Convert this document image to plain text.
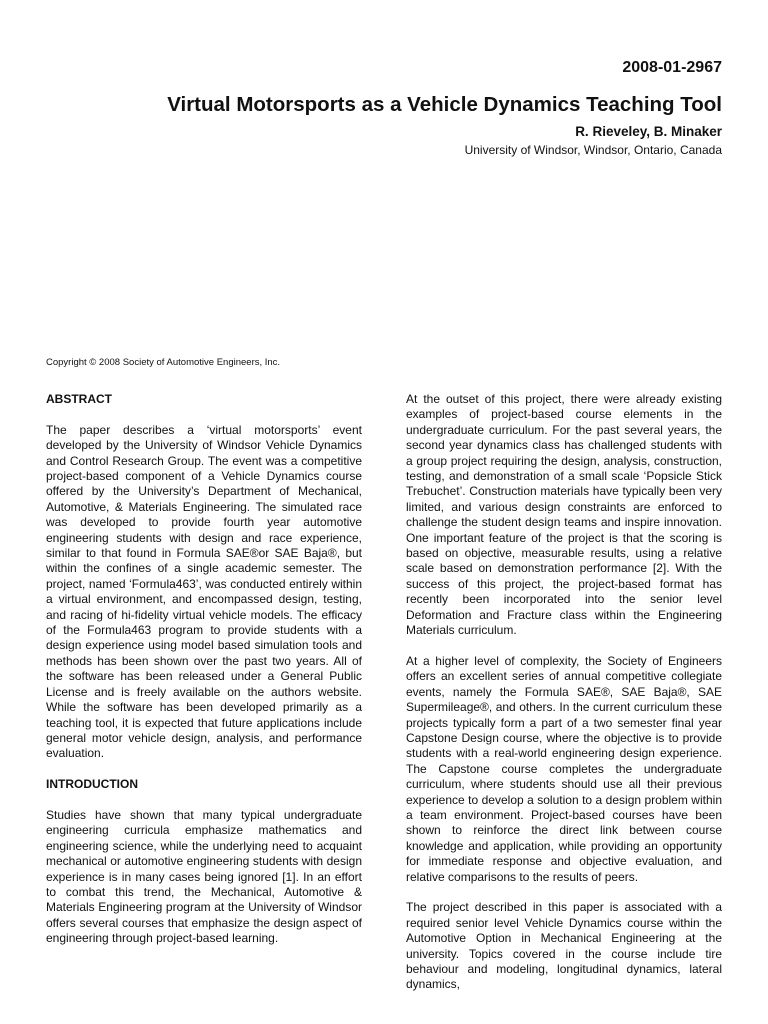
2008-01-2967
Virtual Motorsports as a Vehicle Dynamics Teaching Tool
R. Rieveley, B. Minaker
University of Windsor, Windsor, Ontario, Canada
Copyright © 2008 Society of Automotive Engineers, Inc.
ABSTRACT

The paper describes a ‘virtual motorsports’ event developed by the University of Windsor Vehicle Dynamics and Control Research Group. The event was a competitive project-based component of a Vehicle Dynamics course offered by the University’s Department of Mechanical, Automotive, & Materials Engineering. The simulated race was developed to provide fourth year automotive engineering students with design and race experience, similar to that found in Formula SAE®or SAE Baja®, but within the confines of a single academic semester. The project, named ‘Formula463’, was conducted entirely within a virtual environment, and encompassed design, testing, and racing of hi-fidelity virtual vehicle models. The efficacy of the Formula463 program to provide students with a design experience using model based simulation tools and methods has been shown over the past two years. All of the software has been released under a General Public License and is freely available on the authors website. While the software has been developed primarily as a teaching tool, it is expected that future applications include general motor vehicle design, analysis, and performance evaluation.

INTRODUCTION

Studies have shown that many typical undergraduate engineering curricula emphasize mathematics and engineering science, while the underlying need to acquaint mechanical or automotive engineering students with design experience is in many cases being ignored [1]. In an effort to combat this trend, the Mechanical, Automotive & Materials Engineering program at the University of Windsor offers several courses that emphasize the design aspect of engineering through project-based learning.

At the outset of this project, there were already existing examples of project-based course elements in the undergraduate curriculum. For the past several years, the second year dynamics class has challenged students with a group project requiring the design, analysis, construction, testing, and demonstration of a small scale ‘Popsicle Stick Trebuchet’. Construction materials have typically been very limited, and various design constraints are enforced to challenge the student design teams and inspire innovation. One important feature of the project is that the scoring is based on objective, measurable results, using a relative scale based on demonstration performance [2]. With the success of this project, the project-based format has recently been incorporated into the senior level Deformation and Fracture class within the Engineering Materials curriculum.

At a higher level of complexity, the Society of Engineers offers an excellent series of annual competitive collegiate events, namely the Formula SAE®, SAE Baja®, SAE Supermileage®, and others. In the current curriculum these projects typically form a part of a two semester final year Capstone Design course, where the objective is to provide students with a real-world engineering design experience. The Capstone course completes the undergraduate curriculum, where students should use all their previous experience to develop a solution to a design problem within a team environment. Project-based courses have been shown to reinforce the direct link between course knowledge and application, while providing an opportunity for immediate response and objective evaluation, and relative comparisons to the results of peers.

The project described in this paper is associated with a required senior level Vehicle Dynamics course within the Automotive Option in Mechanical Engineering at the university. Topics covered in the course include tire behaviour and modeling, longitudinal dynamics, lateral dynamics,
